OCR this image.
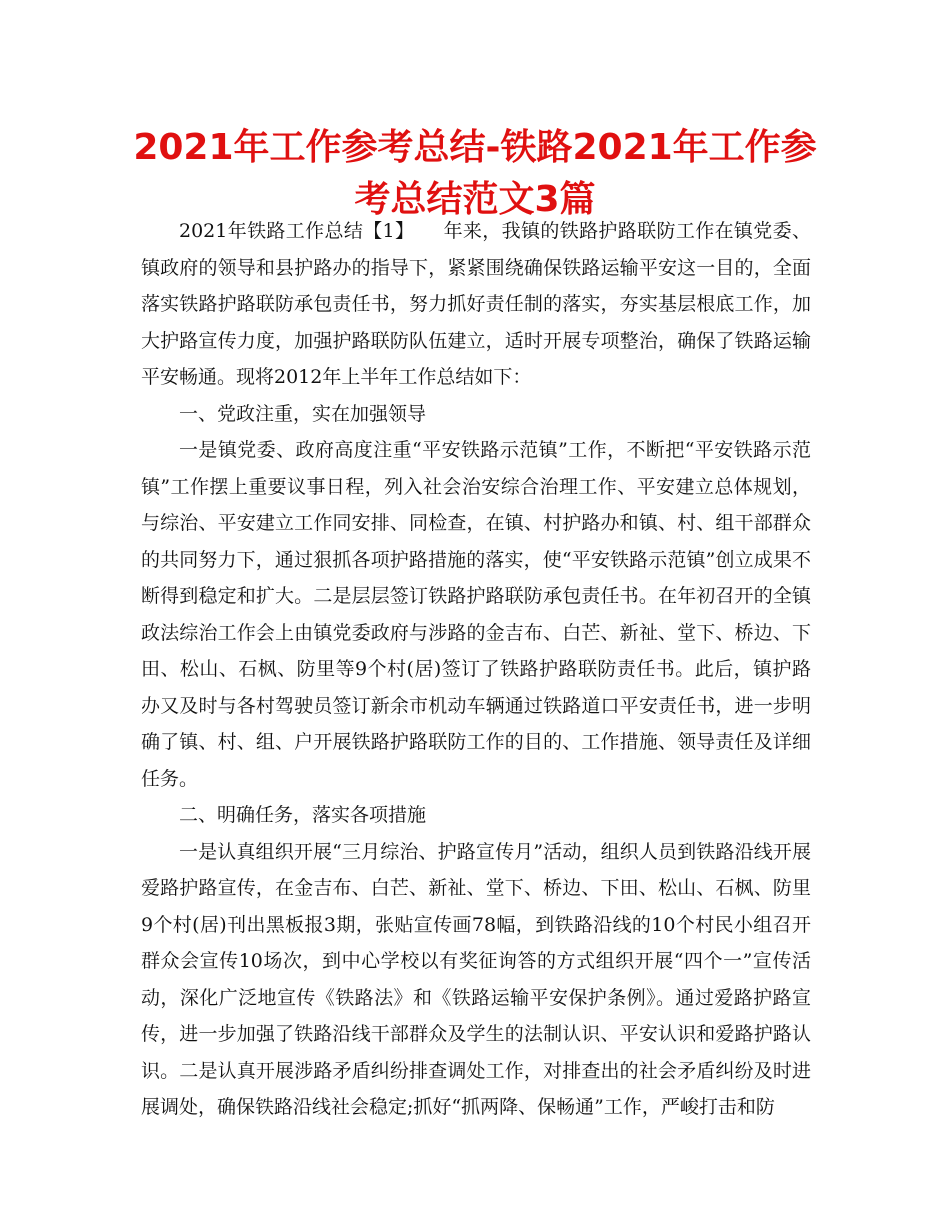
2021年工作参考总结-铁路2021年工作参考总结范文3篇

2021年铁路工作总结【1】　　年来，我镇的铁路护路联防工作在镇党委、镇政府的领导和县护路办的指导下，紧紧围绕确保铁路运输平安这一目的，全面落实铁路护路联防承包责任书，努力抓好责任制的落实，夯实基层根底工作，加大护路宣传力度，加强护路联防队伍建立，适时开展专项整治，确保了铁路运输平安畅通。现将2012年上半年工作总结如下：

一、党政注重，实在加强领导

一是镇党委、政府高度注重“平安铁路示范镇”工作，不断把“平安铁路示范镇”工作摆上重要议事日程，列入社会治安综合治理工作、平安建立总体规划，与综治、平安建立工作同安排、同检查，在镇、村护路办和镇、村、组干部群众的共同努力下，通过狠抓各项护路措施的落实，使“平安铁路示范镇”创立成果不断得到稳定和扩大。二是层层签订铁路护路联防承包责任书。在年初召开的全镇政法综治工作会上由镇党委政府与涉路的金吉布、白芒、新祉、堂下、桥边、下田、松山、石枫、防里等9个村(居)签订了铁路护路联防责任书。此后，镇护路办又及时与各村驾驶员签订新余市机动车辆通过铁路道口平安责任书，进一步明确了镇、村、组、户开展铁路护路联防工作的目的、工作措施、领导责任及详细任务。

二、明确任务，落实各项措施

一是认真组织开展“三月综治、护路宣传月”活动，组织人员到铁路沿线开展爱路护路宣传，在金吉布、白芒、新祉、堂下、桥边、下田、松山、石枫、防里9个村(居)刊出黑板报3期，张贴宣传画78幅，到铁路沿线的10个村民小组召开群众会宣传10场次，到中心学校以有奖征询答的方式组织开展“四个一”宣传活动，深化广泛地宣传《铁路法》和《铁路运输平安保护条例》。通过爱路护路宣传，进一步加强了铁路沿线干部群众及学生的法制认识、平安认识和爱路护路认识。二是认真开展涉路矛盾纠纷排查调处工作，对排查出的社会矛盾纠纷及时进展调处，确保铁路沿线社会稳定;抓好“抓两降、保畅通”工作，严峻打击和防
